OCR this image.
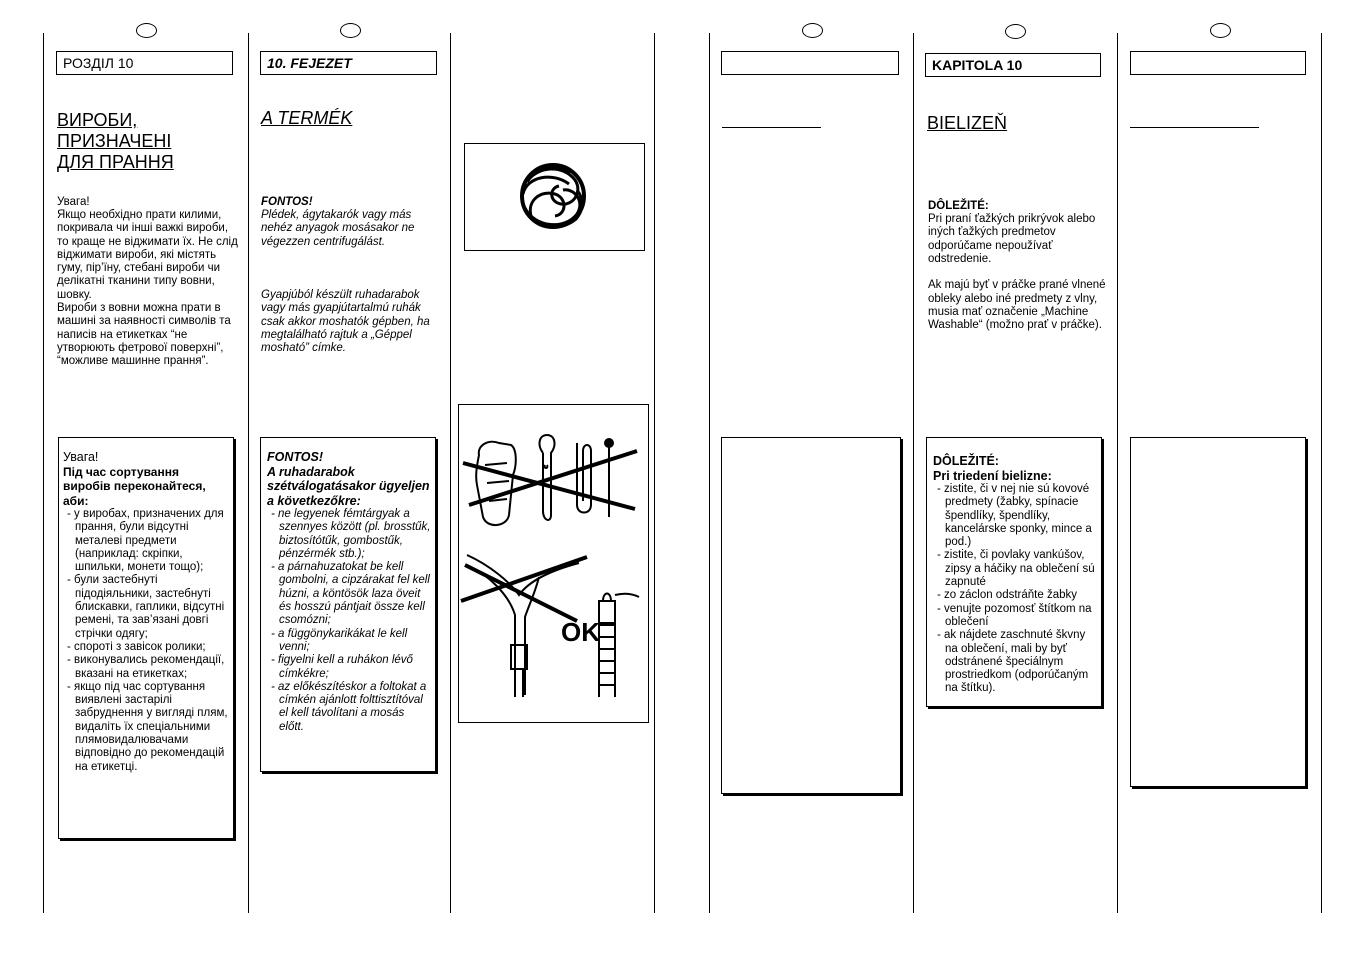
РОЗДІЛ 10
ВИРОБИ,
ПРИЗНАЧЕНІ
ДЛЯ ПРАННЯ
Увага!

Якщо необхідно прати килими, покривала чи інші важкі вироби, то краще не віджимати їх. Не слід віджимати вироби, які містять гуму, пір’їну, стебані вироби чи делікатні тканини типу вовни, шовку.
Вироби з вовни можна прати в машині за наявності символів та написів на етикетках “не утворюють фетрової поверхні”, “можливе машинне прання”.

Увага!
Під час сортування виробів переконайтеся, аби:
- у виробах, призначених для прання, були відсутні металеві предмети (наприклад: скріпки, шпильки, монети тощо);
- були застебнуті підодіяльники, застебнуті блискавки, гаплики, відсутні ремені, та зав’язані довгі стрічки одягу;
- спороті з завісок ролики;
- виконувались рекомендації, вказані на етикетках;
- якщо під час сортування виявлені застарілі забруднення у вигляді плям, видаліть їх спеціальними плямовидалювачами відповідно до рекомендацій на етикетці.
10. FEJEZET
A TERMÉK
FONTOS!

Plédek, ágytakarók vagy más nehéz anyagok mosásakor ne végezzen centrifugálást.

Gyapjúból készült ruhadarabok vagy más gyapjútartalmú ruhák csak akkor moshatók gépben, ha megtalálható rajtuk a „Géppel mosható” címke.

FONTOS!
A ruhadarabok szétválogatásakor ügyeljen a következőkre:
- ne legyenek fémtárgyak a szennyes között (pl. brosstűk, biztosítótűk, gombostűk, pénzérmék stb.);
- a párnahuzatokat be kell gombolni, a cipzárakat fel kell húzni, a köntösök laza öveit és hosszú pántjait össze kell csomózni;
- a függönykarikákat le kell venni;
- figyelni kell a ruhákon lévő címkékre;
- az előkészítéskor a foltokat a címkén ajánlott folttisztítóval el kell távolítani a mosás előtt.
OK
KAPITOLA 10
BIELIZEŇ
DÔLEŽITÉ:

Pri praní ťažkých prikrývok alebo iných ťažkých predmetov odporúčame nepoužívať odstredenie.

Ak majú byť v práčke prané vlnené obleky alebo iné predmety z vlny, musia mať označenie „Machine Washable“ (možno prať v práčke).

DÔLEŽITÉ:
Pri triedení bielizne:
- zistite, či v nej nie sú kovové predmety (žabky, spínacie špendlíky, špendlíky, kancelárske sponky, mince a pod.)
- zistite, či povlaky vankúšov, zipsy a háčiky na oblečení sú zapnuté
- zo záclon odstráňte žabky
- venujte pozomosť štítkom na oblečení
- ak nájdete zaschnuté škvny na oblečení, mali by byť odstránené špeciálnym prostriedkom (odporúčaným na štítku).
